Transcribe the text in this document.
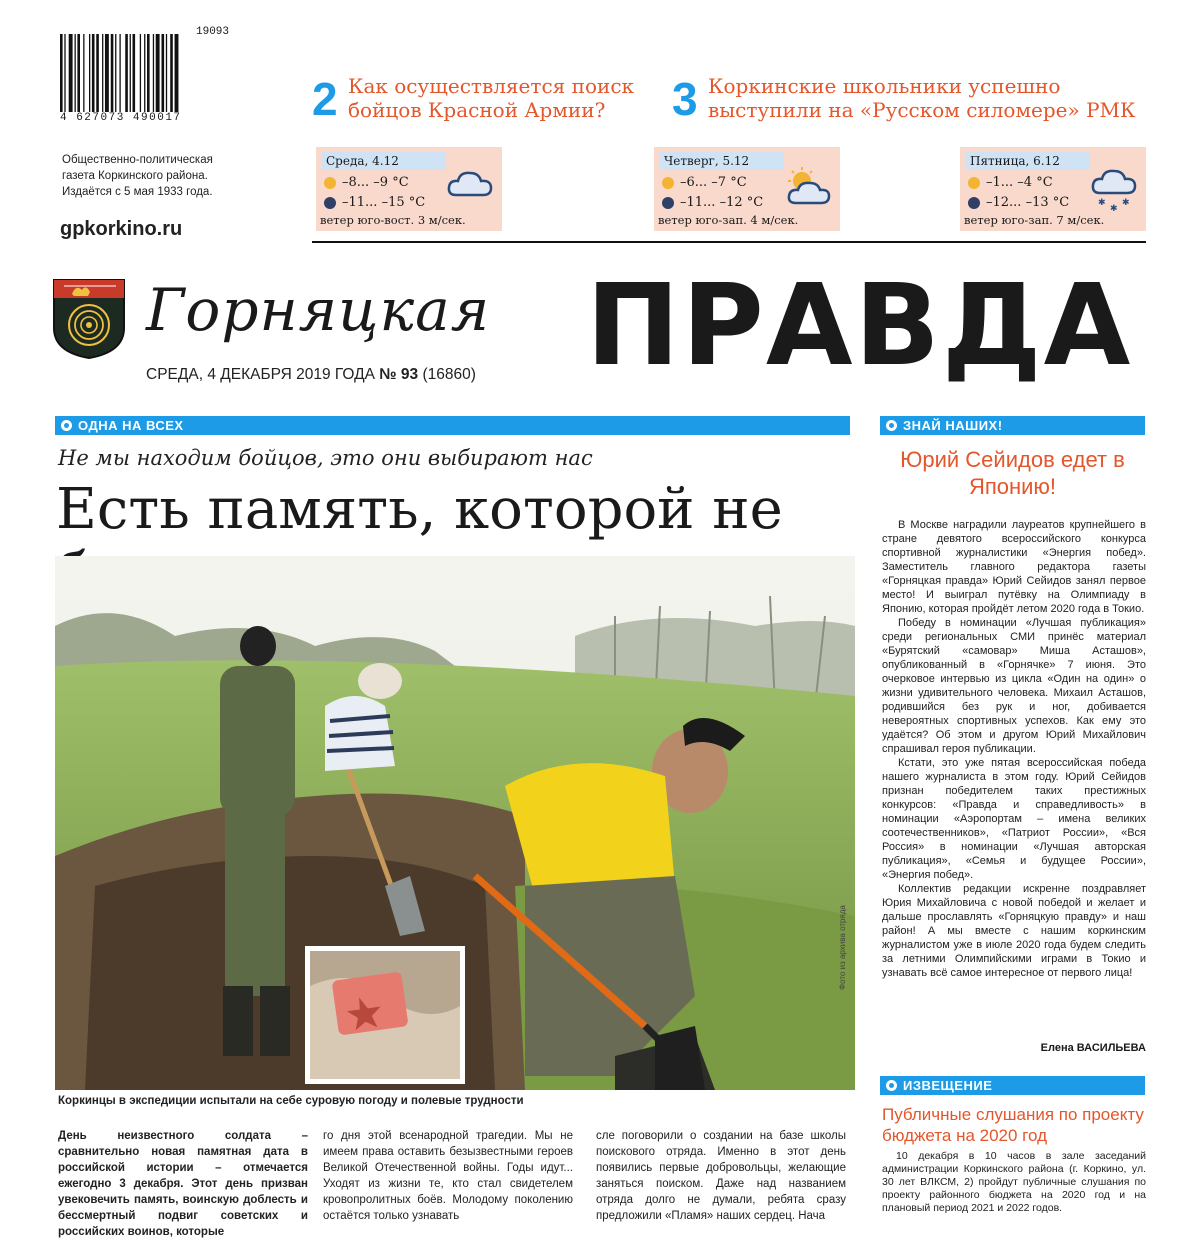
19093
4 627073 490017	2 Как осуществляется поиск
бойцов Красной Армии?	3 Коркинские школьники успешно
выступили на «Русском силомере» РМК
Общественно-политическая
газета Коркинского района.
Издаётся с 5 мая 1933 года.
gpkorkino.ru
Среда, 4.12
–8... –9 °С
–11... –15 °С
ветер юго-вост. 3 м/сек.
Четверг, 5.12
–6... –7 °С
–11... –12 °С
ветер юго-зап. 4 м/сек.
Пятница, 6.12
–1... –4 °С
–12... –13 °С
ветер юго-зап. 7 м/сек.
✱
✱
✱
Горняцкая ПРАВДА
СРЕДА, 4 ДЕКАБРЯ 2019 ГОДА № 93 (16860)
ОДНА НА ВСЕХ
Не мы находим бойцов, это они выбирают нас
Есть память, которой не
Фото из архива отряда
Коркинцы в экспедиции испытали на себе суровую погоду и полевые трудности
День неизвестного солдата – сравнительно новая памятная дата в российской истории – отмечается ежегодно 3 декабря. Этот день призван увековечить память, воинскую доблесть и бессмертный подвиг советских и российских воинов, которые
го дня этой всенародной трагедии. Мы не имеем права оставить безызвестными героев Великой Отечественной войны. Годы идут... Уходят из жизни те, кто стал свидетелем кровопролитных боёв. Молодому поколению остаётся только узнавать
сле поговорили о создании на базе школы поискового отряда. Именно в этот день появились первые добровольцы, желающие заняться поиском. Даже над названием отряда долго не думали, ребята сразу предложили «Пламя» наших сердец. Нача
ЗНАЙ НАШИХ!
Юрий Сейидов едет в Японию!

В Москве наградили лауреатов крупнейшего в стране девятого всероссийского конкурса спортивной журналистики «Энергия побед». Заместитель главного редактора газеты «Горняцкая правда» Юрий Сейидов занял первое место! И выиграл путёвку на Олимпиаду в Японию, которая пройдёт летом 2020 года в Токио.

Победу в номинации «Лучшая публикация» среди региональных СМИ принёс материал «Бурятский «самовар» Миша Асташов», опубликованный в «Горнячке» 7 июня. Это очерковое интервью из цикла «Один на один» о жизни удивительного человека. Михаил Асташов, родившийся без рук и ног, добивается невероятных спортивных успехов. Как ему это удаётся? Об этом и другом Юрий Михайлович спрашивал героя публикации.

Кстати, это уже пятая всероссийская победа нашего журналиста в этом году. Юрий Сейидов признан победителем таких престижных конкурсов: «Правда и справедливость» в номинации «Аэропортам – имена великих соотечественников», «Патриот России», «Вся Россия» в номинации «Лучшая авторская публикация», «Семья и будущее России», «Энергия побед».

Коллектив редакции искренне поздравляет Юрия Михайловича с новой победой и желает и дальше прославлять «Горняцкую правду» и наш район! А мы вместе с нашим коркинским журналистом уже в июле 2020 года будем следить за летними Олимпийскими играми в Токио и узнавать всё самое интересное от первого лица!

Елена ВАСИЛЬЕВА
ИЗВЕЩЕНИЕ
Публичные слушания по проекту бюджета на 2020 год
10 декабря в 10 часов в зале заседаний администрации Коркинского района (г. Коркино, ул. 30 лет ВЛКСМ, 2) пройдут публичные слушания по проекту районного бюджета на 2020 год и на плановый период 2021 и 2022 годов.
